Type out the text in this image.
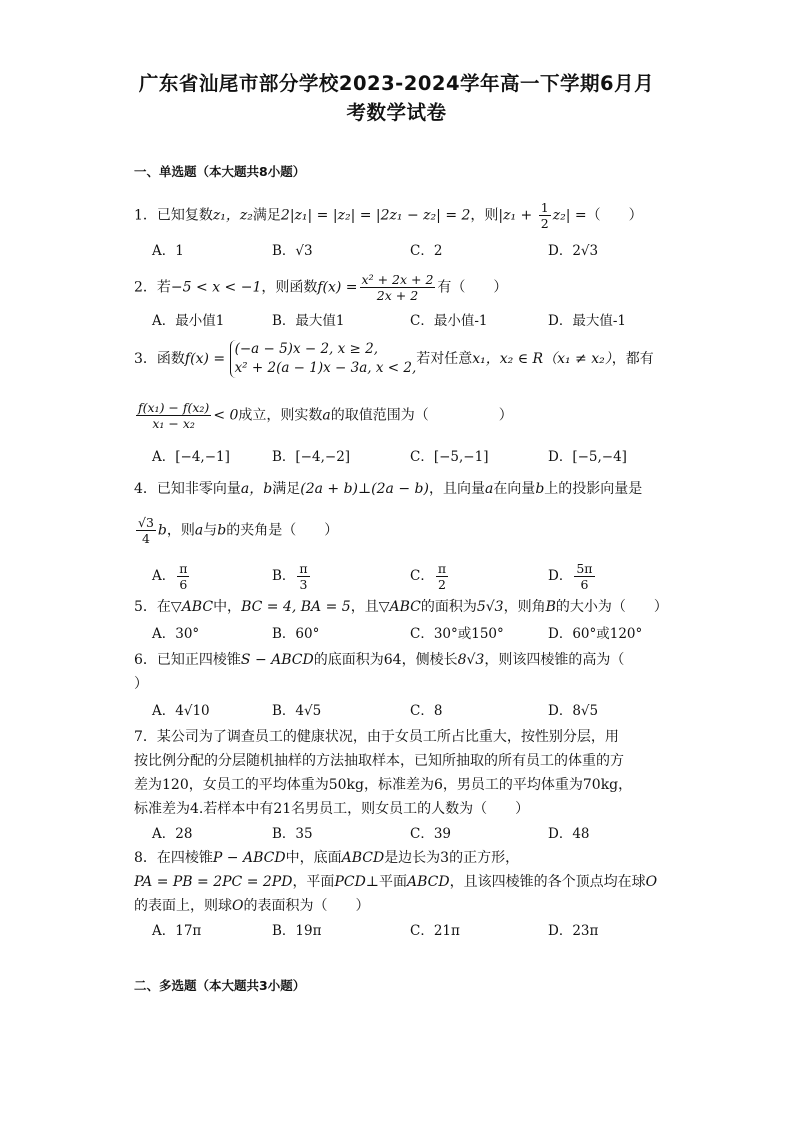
广东省汕尾市部分学校2023-2024学年高一下学期6月月
考数学试卷
一、单选题（本大题共8小题）
1．已知复数z₁，z₂满足2|z₁| = |z₂| = |2z₁ − z₂| = 2，则$|z_1 + \frac{1}{2} z_2|$ =（　　）
A．1	B．√3	C．2	D．2√3
2．若−5 < x < −1，则函数$f(x) = \frac{\text{x² + 2x + 2}}{2x + 2}$ 有（　　）
A．最小值1	B．最大值1	C．最小值-1	D．最大值-1
3．函数f(x) =
(−a − 5)x − 2, x ≥ 2,
x² + 2(a − 1)x − 3a, x < 2,
若对任意x₁，x₂ ∈ R（x₁ ≠ x₂），都有
$\frac{\text{f(x₁) − f(x₂)}}{\text{x₁ − x₂}} < 0$成立，则实数a的取值范围为（　　　　　）
A．[−4,−1]	B．[−4,−2]	C．[−5,−1]	D．[−5,−4]
4．已知非零向量a，b满足(2a + b)⊥(2a − b)，且向量a在向量b上的投影向量是
$\frac{√3}{4}$ b，则a与b的夹角是（　　）
A． $\frac{\pi}{6}$	B． $\frac{\pi}{3}$	C． $\frac{\pi}{2}$	D． $\frac{5\pi}{6}$
5．在▽ABC中，BC = 4, BA = 5，且▽ABC的面积为5√3，则角B的大小为（　　）
A．30°	B．60°	C．30°或150°	D．60°或120°
6．已知正四棱锥S − ABCD的底面积为64，侧棱长8√3，则该四棱锥的高为（
）
A．4√10	B．4√5	C．8	D．8√5
7．某公司为了调查员工的健康状况，由于女员工所占比重大，按性别分层，用
按比例分配的分层随机抽样的方法抽取样本，已知所抽取的所有员工的体重的方
差为120，女员工的平均体重为50kg，标准差为6，男员工的平均体重为70kg，
标准差为4.若样本中有21名男员工，则女员工的人数为（　　）
A．28	B．35	C．39	D．48
8．在四棱锥P − ABCD中，底面ABCD是边长为3的正方形，
PA = PB = 2PC = 2PD，平面PCD⊥平面ABCD，且该四棱锥的各个顶点均在球O
的表面上，则球O的表面积为（　　）
A．17π	B．19π	C．21π	D．23π
二、多选题（本大题共3小题）
